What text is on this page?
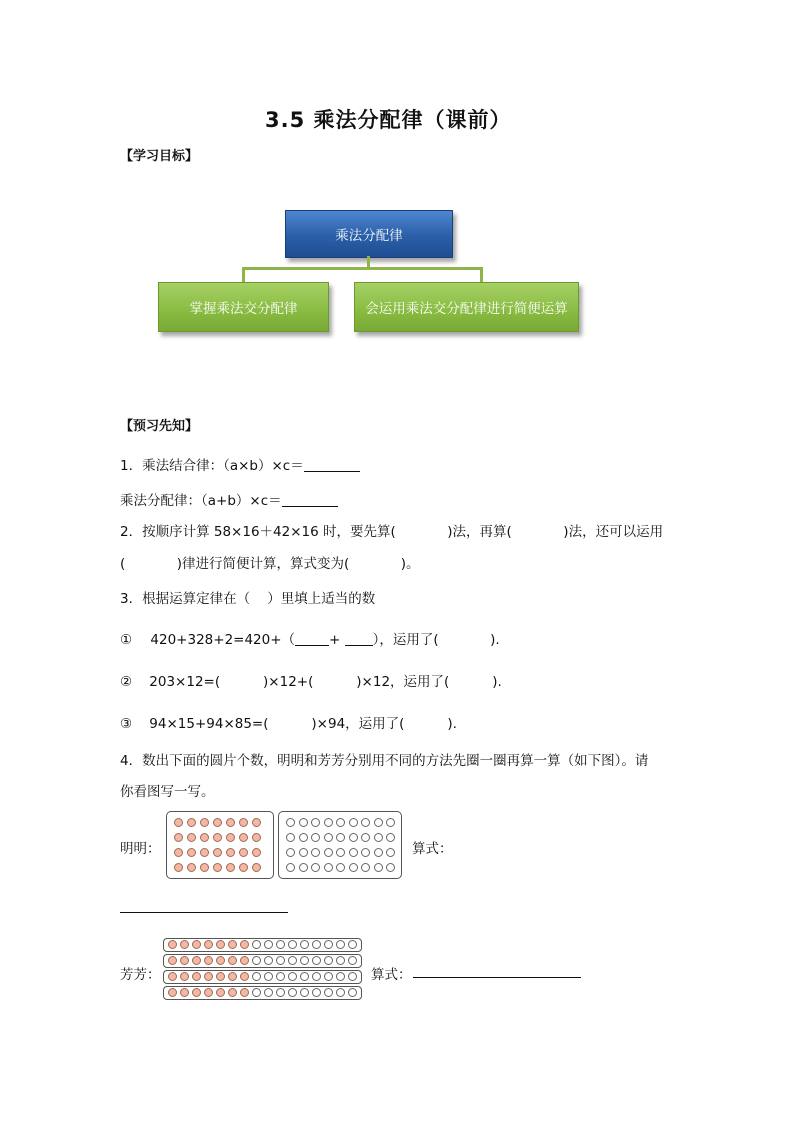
3.5 乘法分配律（课前）
【学习目标】
乘法分配律
掌握乘法交分配律	会运用乘法交分配律进行简便运算
【预习先知】
1．乘法结合律：（a×b）×c＝
乘法分配律：（a+b）×c＝
2．按顺序计算 58×16＋42×16 时，要先算(            )法，再算(            )法，还可以运用
(            )律进行简便计算，算式变为(            )。
3．根据运算定律在（    ）里填上适当的数
① 420+328+2=420+（	+ ），运用了(            ).
② 203×12=(          )×12+(          )×12，运用了(          ).
③ 94×15+94×85=(          )×94，运用了(          ).
4．数出下面的圆片个数，明明和芳芳分别用不同的方法先圈一圈再算一算（如下图）。请
你看图写一写。
明明：	算式：
芳芳：	算式：
